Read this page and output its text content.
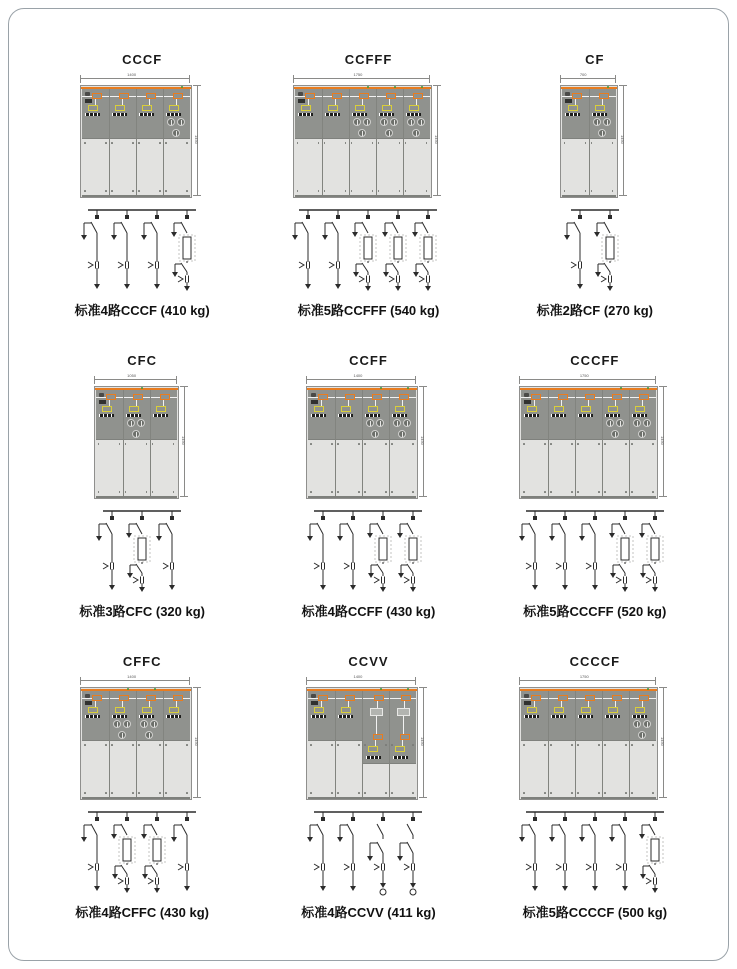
CCCF
1400
1450
标准4路CCCF (410 kg)
CCFFF
1750
1450
标准5路CCFFF (540 kg)
CF
700
1450
标准2路CF (270 kg)
CFC
1050
1450
标准3路CFC (320 kg)
CCFF
1400
1450
标准4路CCFF (430 kg)
CCCFF
1750
1450
标准5路CCCFF (520 kg)
CFFC
1400
1450
标准4路CFFC (430 kg)
CCVV
1400
1450
标准4路CCVV (411 kg)
CCCCF
1750
1450
标准5路CCCCF (500 kg)
